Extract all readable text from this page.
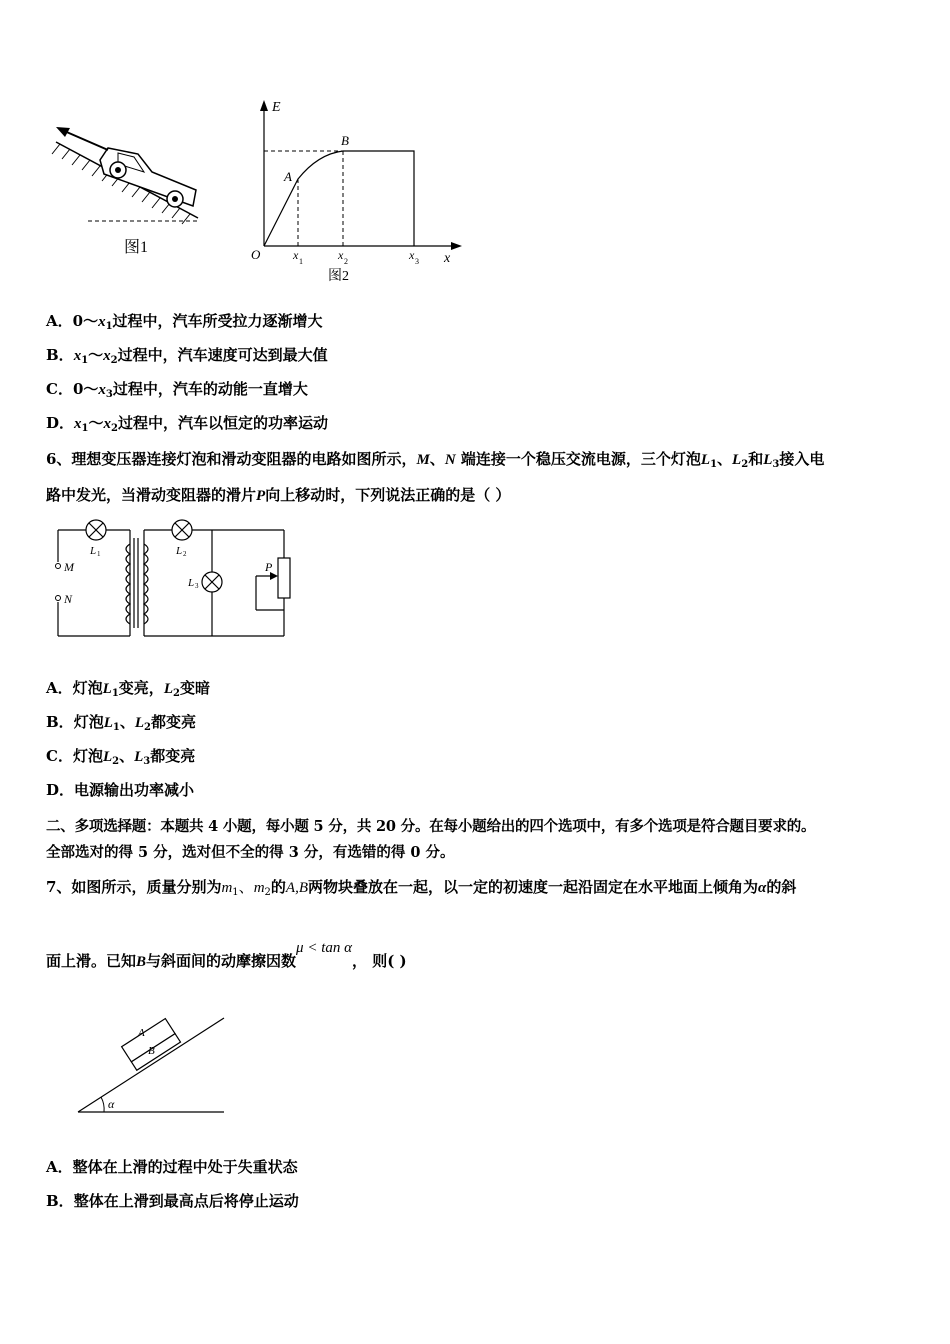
图1
E
x
O
A
B
x 1	x 2	x 3
图2
A．$0\sim x_1$过程中，汽车所受拉力逐渐增大
B．$x_1\sim x_2$过程中，汽车速度可达到最大值
C．$0\sim x_3$过程中，汽车的动能一直增大
D．$x_1\sim x_2$过程中，汽车以恒定的功率运动
6、理想变压器连接灯泡和滑动变阻器的电路如图所示，M、N 端连接一个稳压交流电源，三个灯泡$L_1$、$L_2$和$L_3$接入电
路中发光，当滑动变阻器的滑片P向上移动时，下列说法正确的是（ ）
M
N
L 1	L 2
L 3
P
A．灯泡$L_1$变亮，$L_2$变暗
B．灯泡$L_1$、$L_2$都变亮
C．灯泡$L_2$、$L_3$都变亮
D．电源输出功率减小
二、多项选择题：本题共 4 小题，每小题 5 分，共 20 分。在每小题给出的四个选项中，有多个选项是符合题目要求的。
全部选对的得 5 分，选对但不全的得 3 分，有选错的得 0 分。
7、如图所示，质量分别为$m_1$、$m_2$的A,B两物块叠放在一起，以一定的初速度一起沿固定在水平地面上倾角为α的斜
面上滑。已知B与斜面间的动摩擦因数μ < tan α， 则( )
α
A
B
A．整体在上滑的过程中处于失重状态
B．整体在上滑到最高点后将停止运动
